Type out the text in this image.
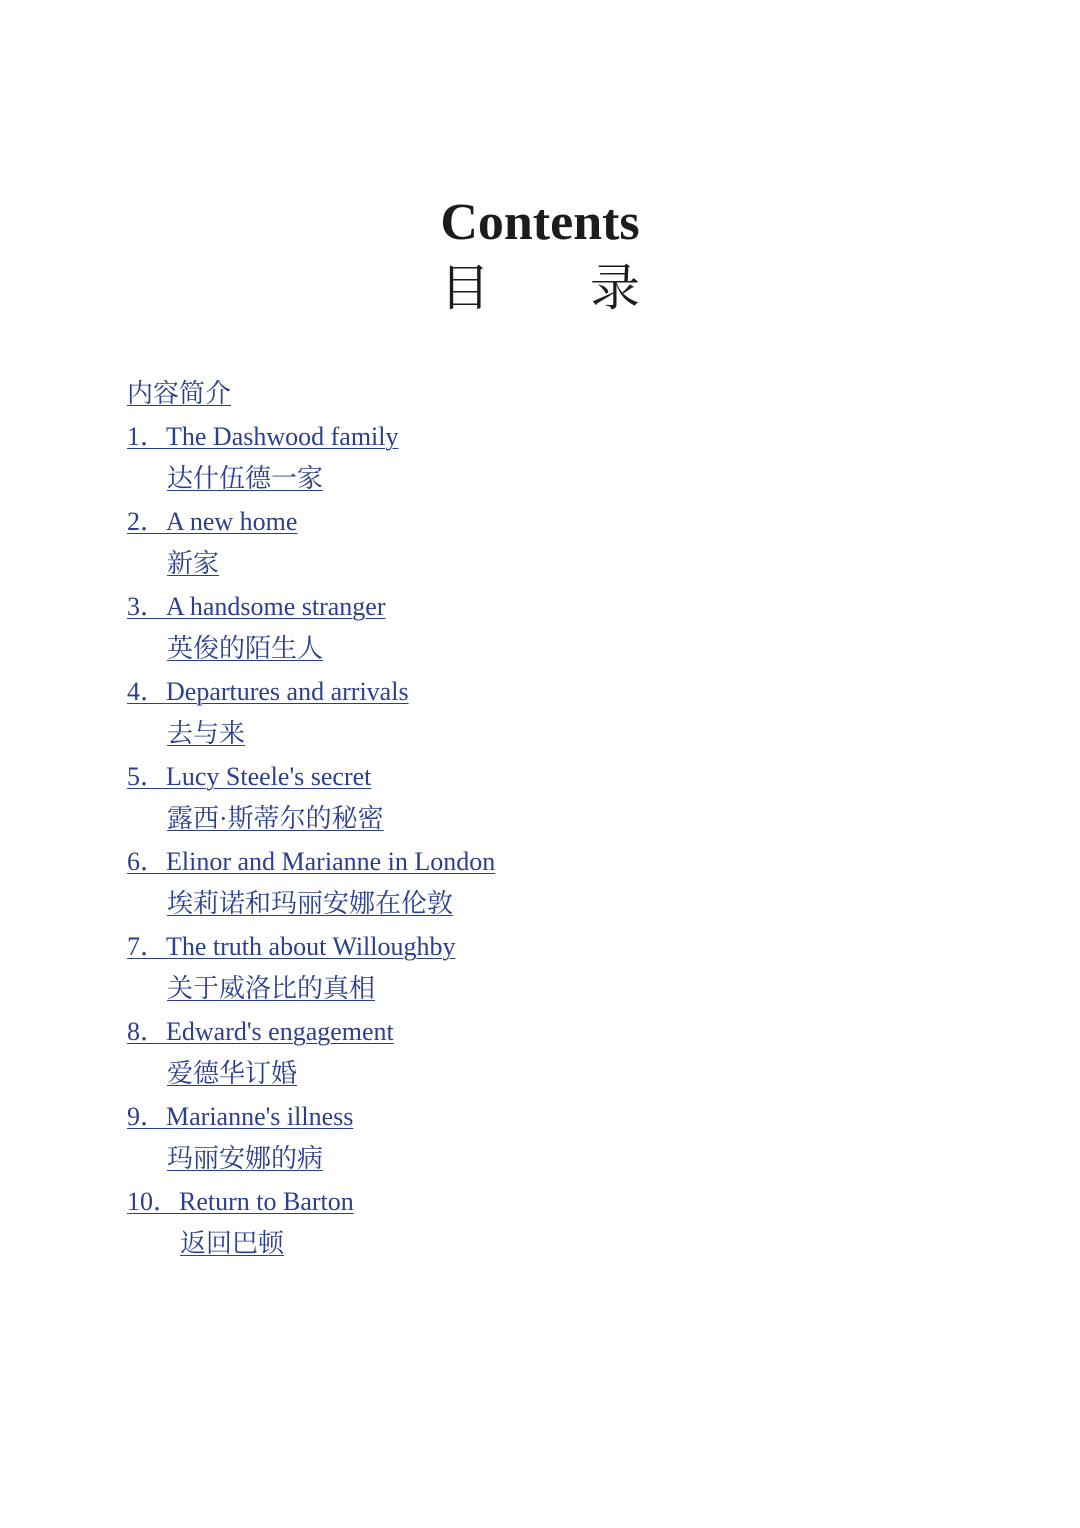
Contents
目　　录
内容简介
1．The Dashwood family
达什伍德一家
2．A new home
新家
3．A handsome stranger
英俊的陌生人
4．Departures and arrivals
去与来
5．Lucy Steele's secret
露西·斯蒂尔的秘密
6．Elinor and Marianne in London
埃莉诺和玛丽安娜在伦敦
7．The truth about Willoughby
关于威洛比的真相
8．Edward's engagement
爱德华订婚
9．Marianne's illness
玛丽安娜的病
10．Return to Barton
返回巴顿
